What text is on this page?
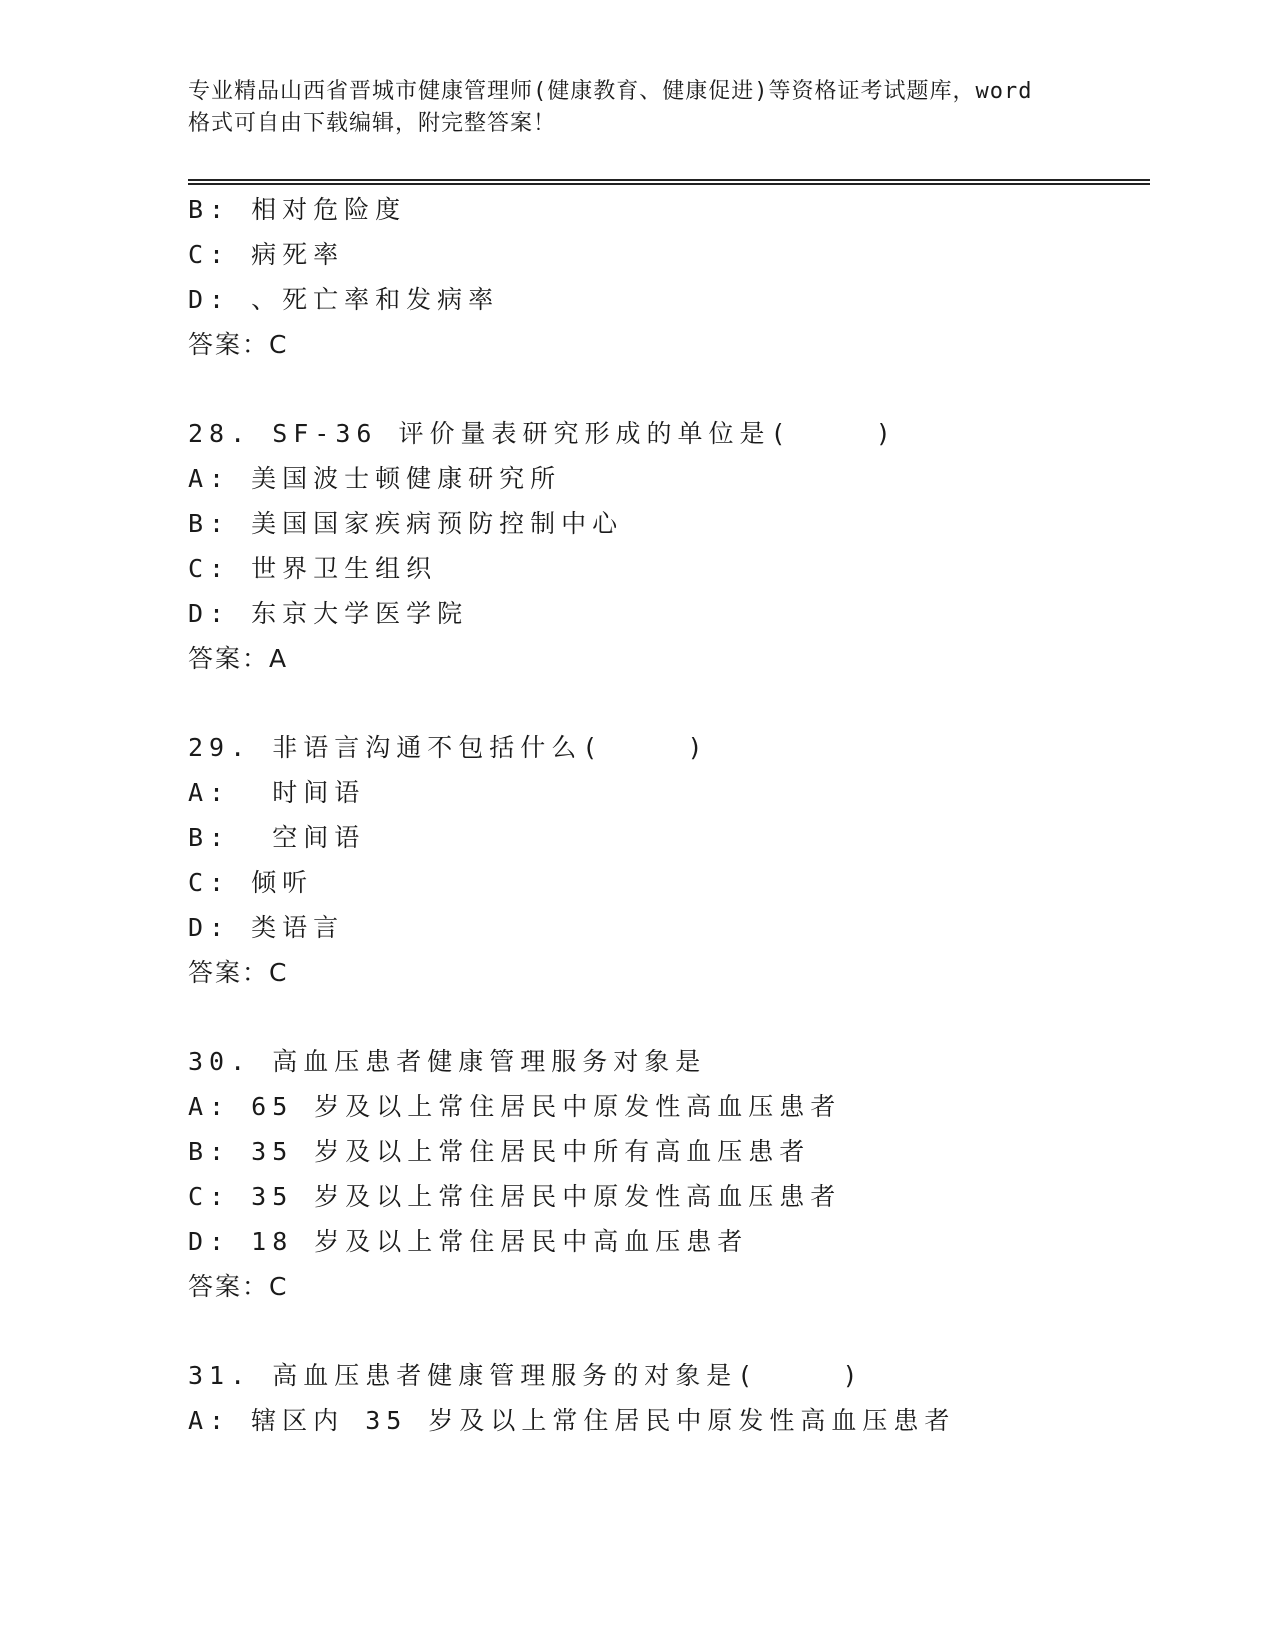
专业精品山西省晋城市健康管理师(健康教育、健康促进)等资格证考试题库，word
格式可自由下载编辑，附完整答案！
B: 相对危险度
C: 病死率
D: 、死亡率和发病率
答案：C
28. SF-36 评价量表研究形成的单位是(    )
A: 美国波士顿健康研究所
B: 美国国家疾病预防控制中心
C: 世界卫生组织
D: 东京大学医学院
答案：A
29. 非语言沟通不包括什么(    )
A:  时间语
B:  空间语
C: 倾听
D: 类语言
答案：C
30. 高血压患者健康管理服务对象是
A: 65 岁及以上常住居民中原发性高血压患者
B: 35 岁及以上常住居民中所有高血压患者
C: 35 岁及以上常住居民中原发性高血压患者
D: 18 岁及以上常住居民中高血压患者
答案：C
31. 高血压患者健康管理服务的对象是(    )
A: 辖区内 35 岁及以上常住居民中原发性高血压患者
